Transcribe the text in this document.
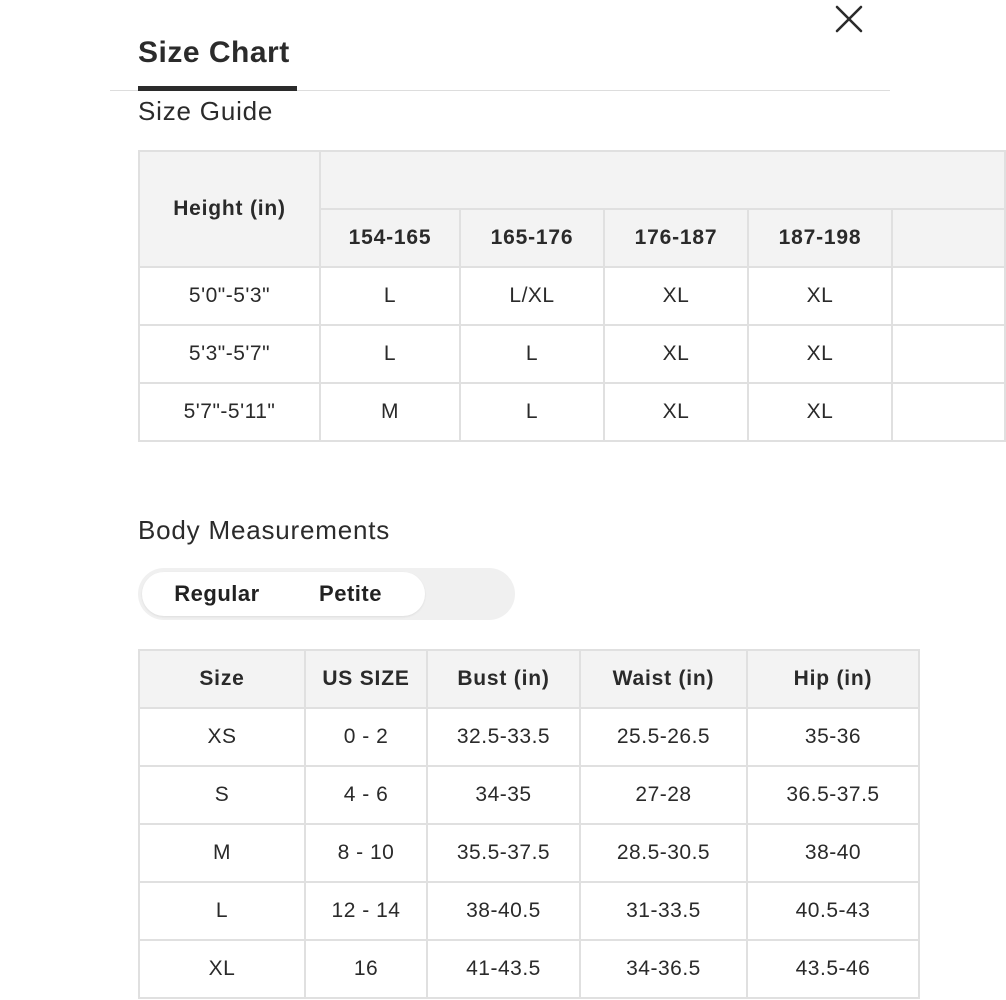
Size Chart
Size Guide
Height (in)					
	154-165	165-176	176-187	187-198	
5'0"-5'3"	L	L/XL	XL	XL	
5'3"-5'7"	L	L	XL	XL	
5'7"-5'11"	M	L	XL	XL	
Body Measurements
Regular	Petite
Size	US SIZE	Bust (in)	Waist (in)	Hip (in)
XS	0 - 2	32.5-33.5	25.5-26.5	35-36
S	4 - 6	34-35	27-28	36.5-37.5
M	8 - 10	35.5-37.5	28.5-30.5	38-40
L	12 - 14	38-40.5	31-33.5	40.5-43
XL	16	41-43.5	34-36.5	43.5-46
